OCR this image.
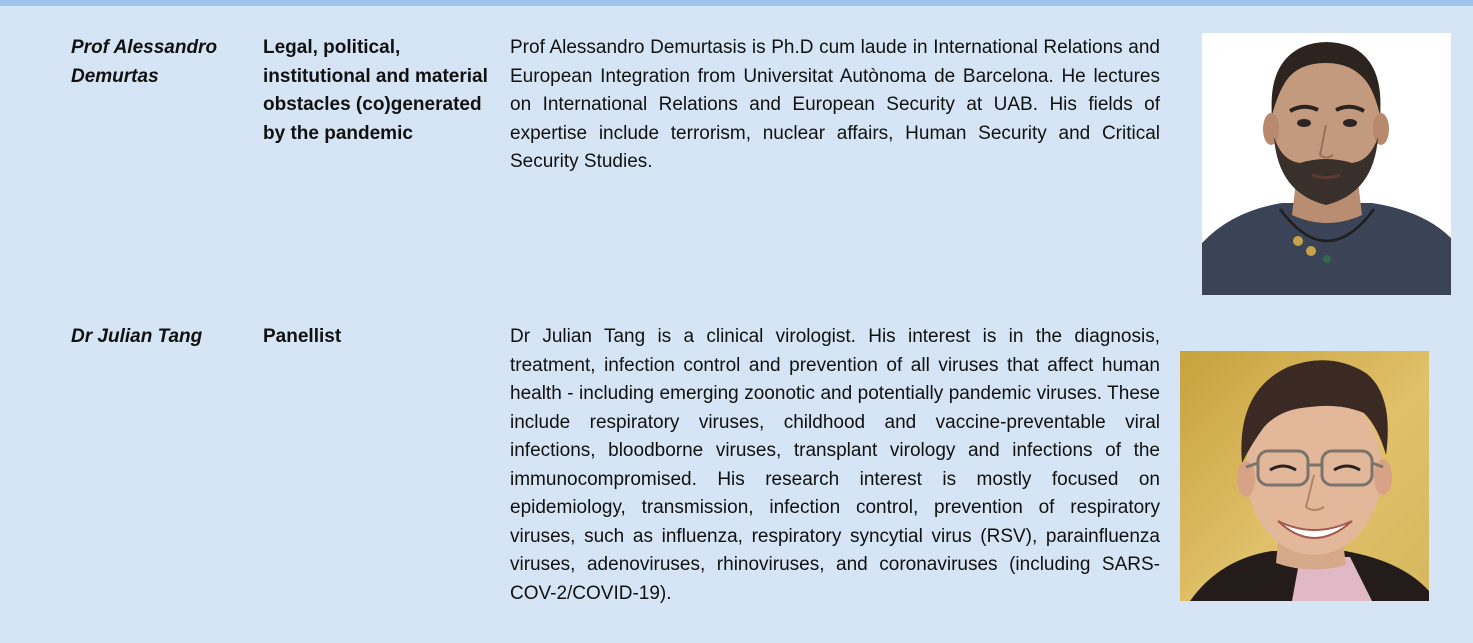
Prof Alessandro Demurtas
Legal, political, institutional and material obstacles (co)generated by the pandemic
Prof Alessandro Demurtasis is Ph.D cum laude in International Relations and European Integration from Universitat Autònoma de Barcelona. He lectures on International Relations and European Security at UAB. His fields of expertise include terrorism, nuclear affairs, Human Security and Critical Security Studies.
Dr Julian Tang	Panellist	Dr Julian Tang is a clinical virologist. His interest is in the diagnosis, treatment, infection control and prevention of all viruses that affect human health - including emerging zoonotic and potentially pandemic viruses. These include respiratory viruses, childhood and vaccine-preventable viral infections, bloodborne viruses, transplant virology and infections of the immunocompromised. His research interest is mostly focused on epidemiology, transmission, infection control, prevention of respiratory viruses, such as influenza, respiratory syncytial virus (RSV), parainfluenza viruses, adenoviruses, rhinoviruses, and coronaviruses (including SARS-COV-2/COVID-19).
